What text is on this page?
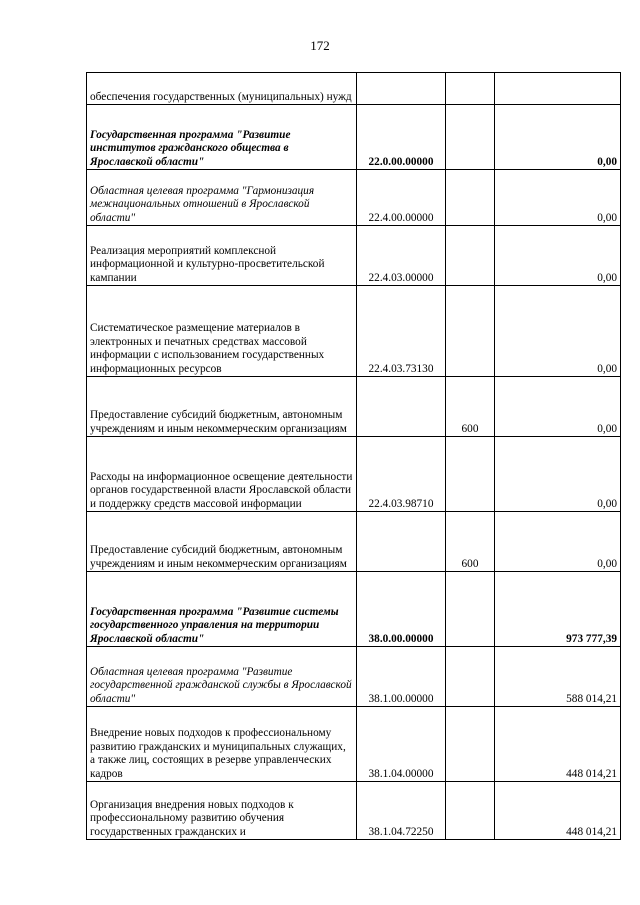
172
обеспечения государственных (муниципальных) нужд			
Государственная программа "Развитие институтов гражданского общества в Ярославской области"	22.0.00.00000		0,00
Областная целевая программа "Гармонизация межнациональных отношений в Ярославской области"	22.4.00.00000		0,00
Реализация мероприятий комплексной информационной и культурно-просветительской кампании	22.4.03.00000		0,00
Систематическое размещение материалов в электронных и печатных средствах массовой информации с использованием государственных информационных ресурсов	22.4.03.73130		0,00
Предоставление субсидий бюджетным, автономным учреждениям и иным некоммерческим организациям		600	0,00
Расходы на информационное освещение деятельности органов государственной власти Ярославской области и поддержку средств массовой информации	22.4.03.98710		0,00
Предоставление субсидий бюджетным, автономным учреждениям и иным некоммерческим организациям		600	0,00
Государственная программа "Развитие системы государственного управления на территории Ярославской области"	38.0.00.00000		973 777,39
Областная целевая программа "Развитие государственной гражданской службы в Ярославской области"	38.1.00.00000		588 014,21
Внедрение новых подходов к профессиональному развитию гражданских и муниципальных служащих, а также лиц, состоящих в резерве управленческих кадров	38.1.04.00000		448 014,21
Организация внедрения новых подходов к профессиональному развитию обучения государственных гражданских и	38.1.04.72250		448 014,21
